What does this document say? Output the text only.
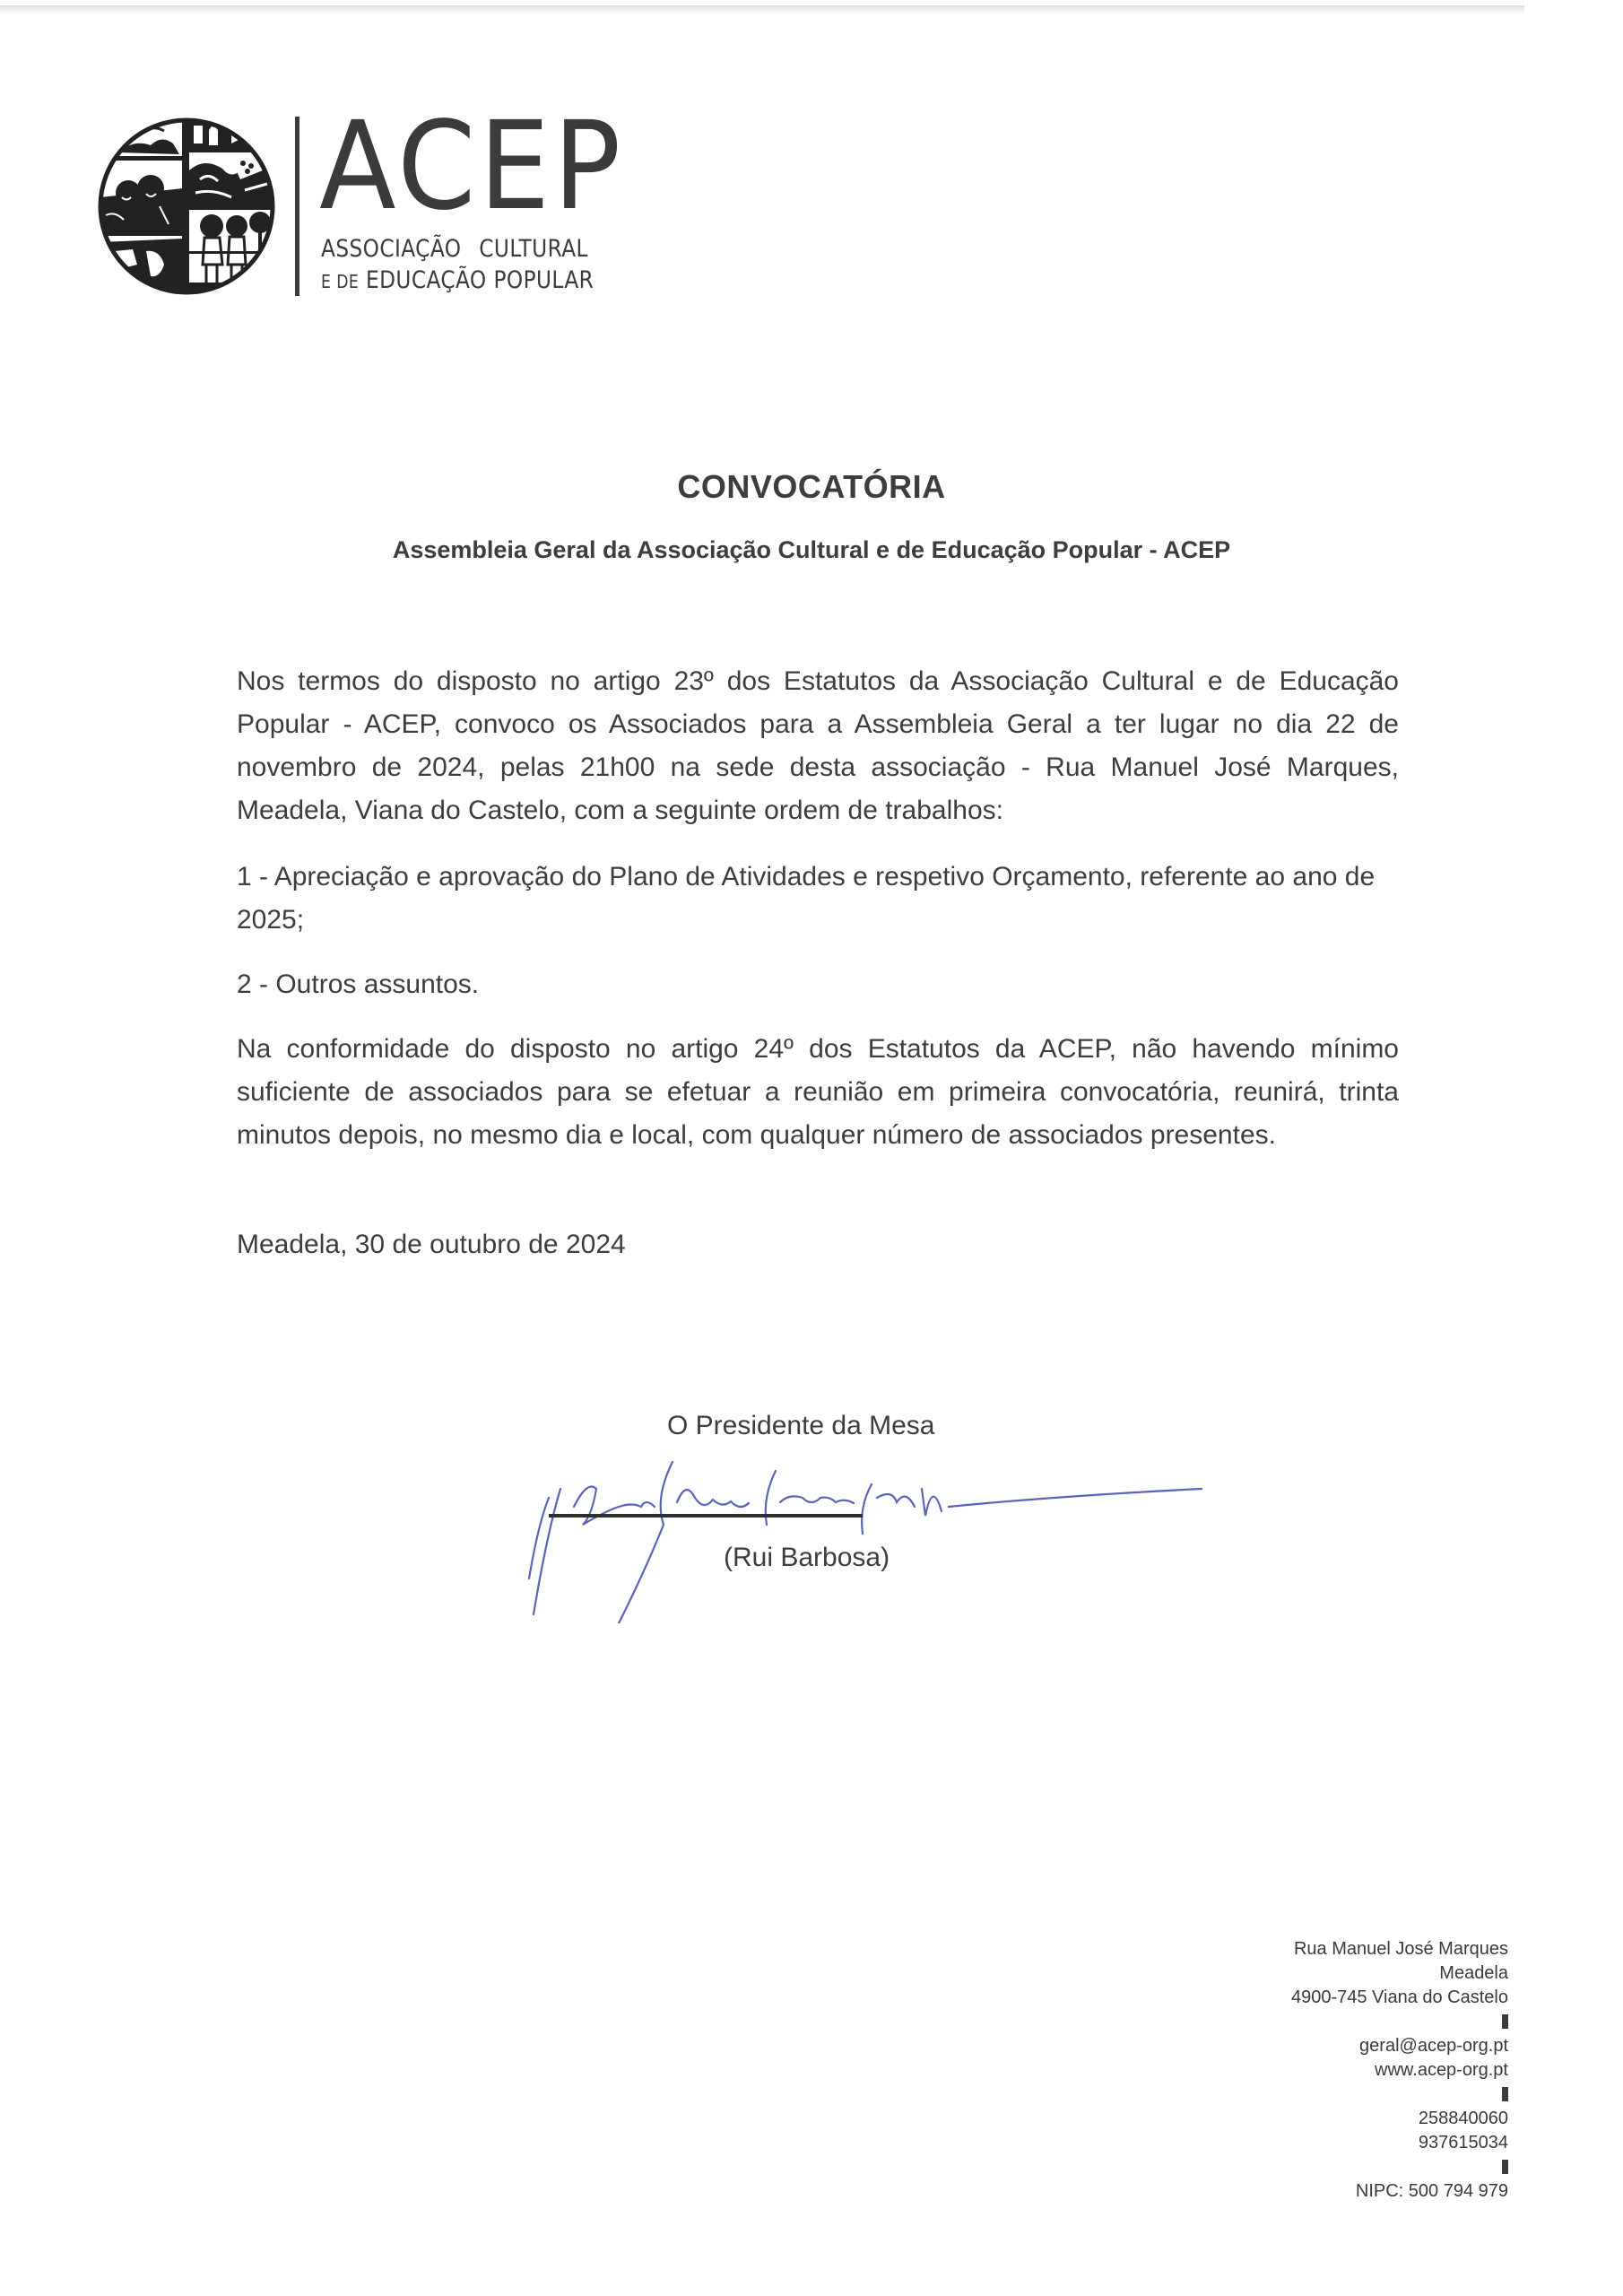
ACEP
ASSOCIAÇÃO CULTURAL
E DE EDUCAÇÃO POPULAR
CONVOCATÓRIA
Assembleia Geral da Associação Cultural e de Educação Popular - ACEP
Nos termos do disposto no artigo 23º dos Estatutos da Associação Cultural e de Educação Popular - ACEP, convoco os Associados para a Assembleia Geral a ter lugar no dia 22 de novembro de 2024, pelas 21h00 na sede desta associação - Rua Manuel José Marques, Meadela, Viana do Castelo, com a seguinte ordem de trabalhos:
1 - Apreciação e aprovação do Plano de Atividades e respetivo Orçamento, referente ao ano de 2025;
2 - Outros assuntos.
Na conformidade do disposto no artigo 24º dos Estatutos da ACEP, não havendo mínimo suficiente de associados para se efetuar a reunião em primeira convocatória, reunirá, trinta minutos depois, no mesmo dia e local, com qualquer número de associados presentes.
Meadela, 30 de outubro de 2024
O Presidente da Mesa
(Rui Barbosa)
Rua Manuel José Marques
Meadela
4900-745 Viana do Castelo
geral@acep-org.pt
www.acep-org.pt
258840060
937615034
NIPC: 500 794 979
